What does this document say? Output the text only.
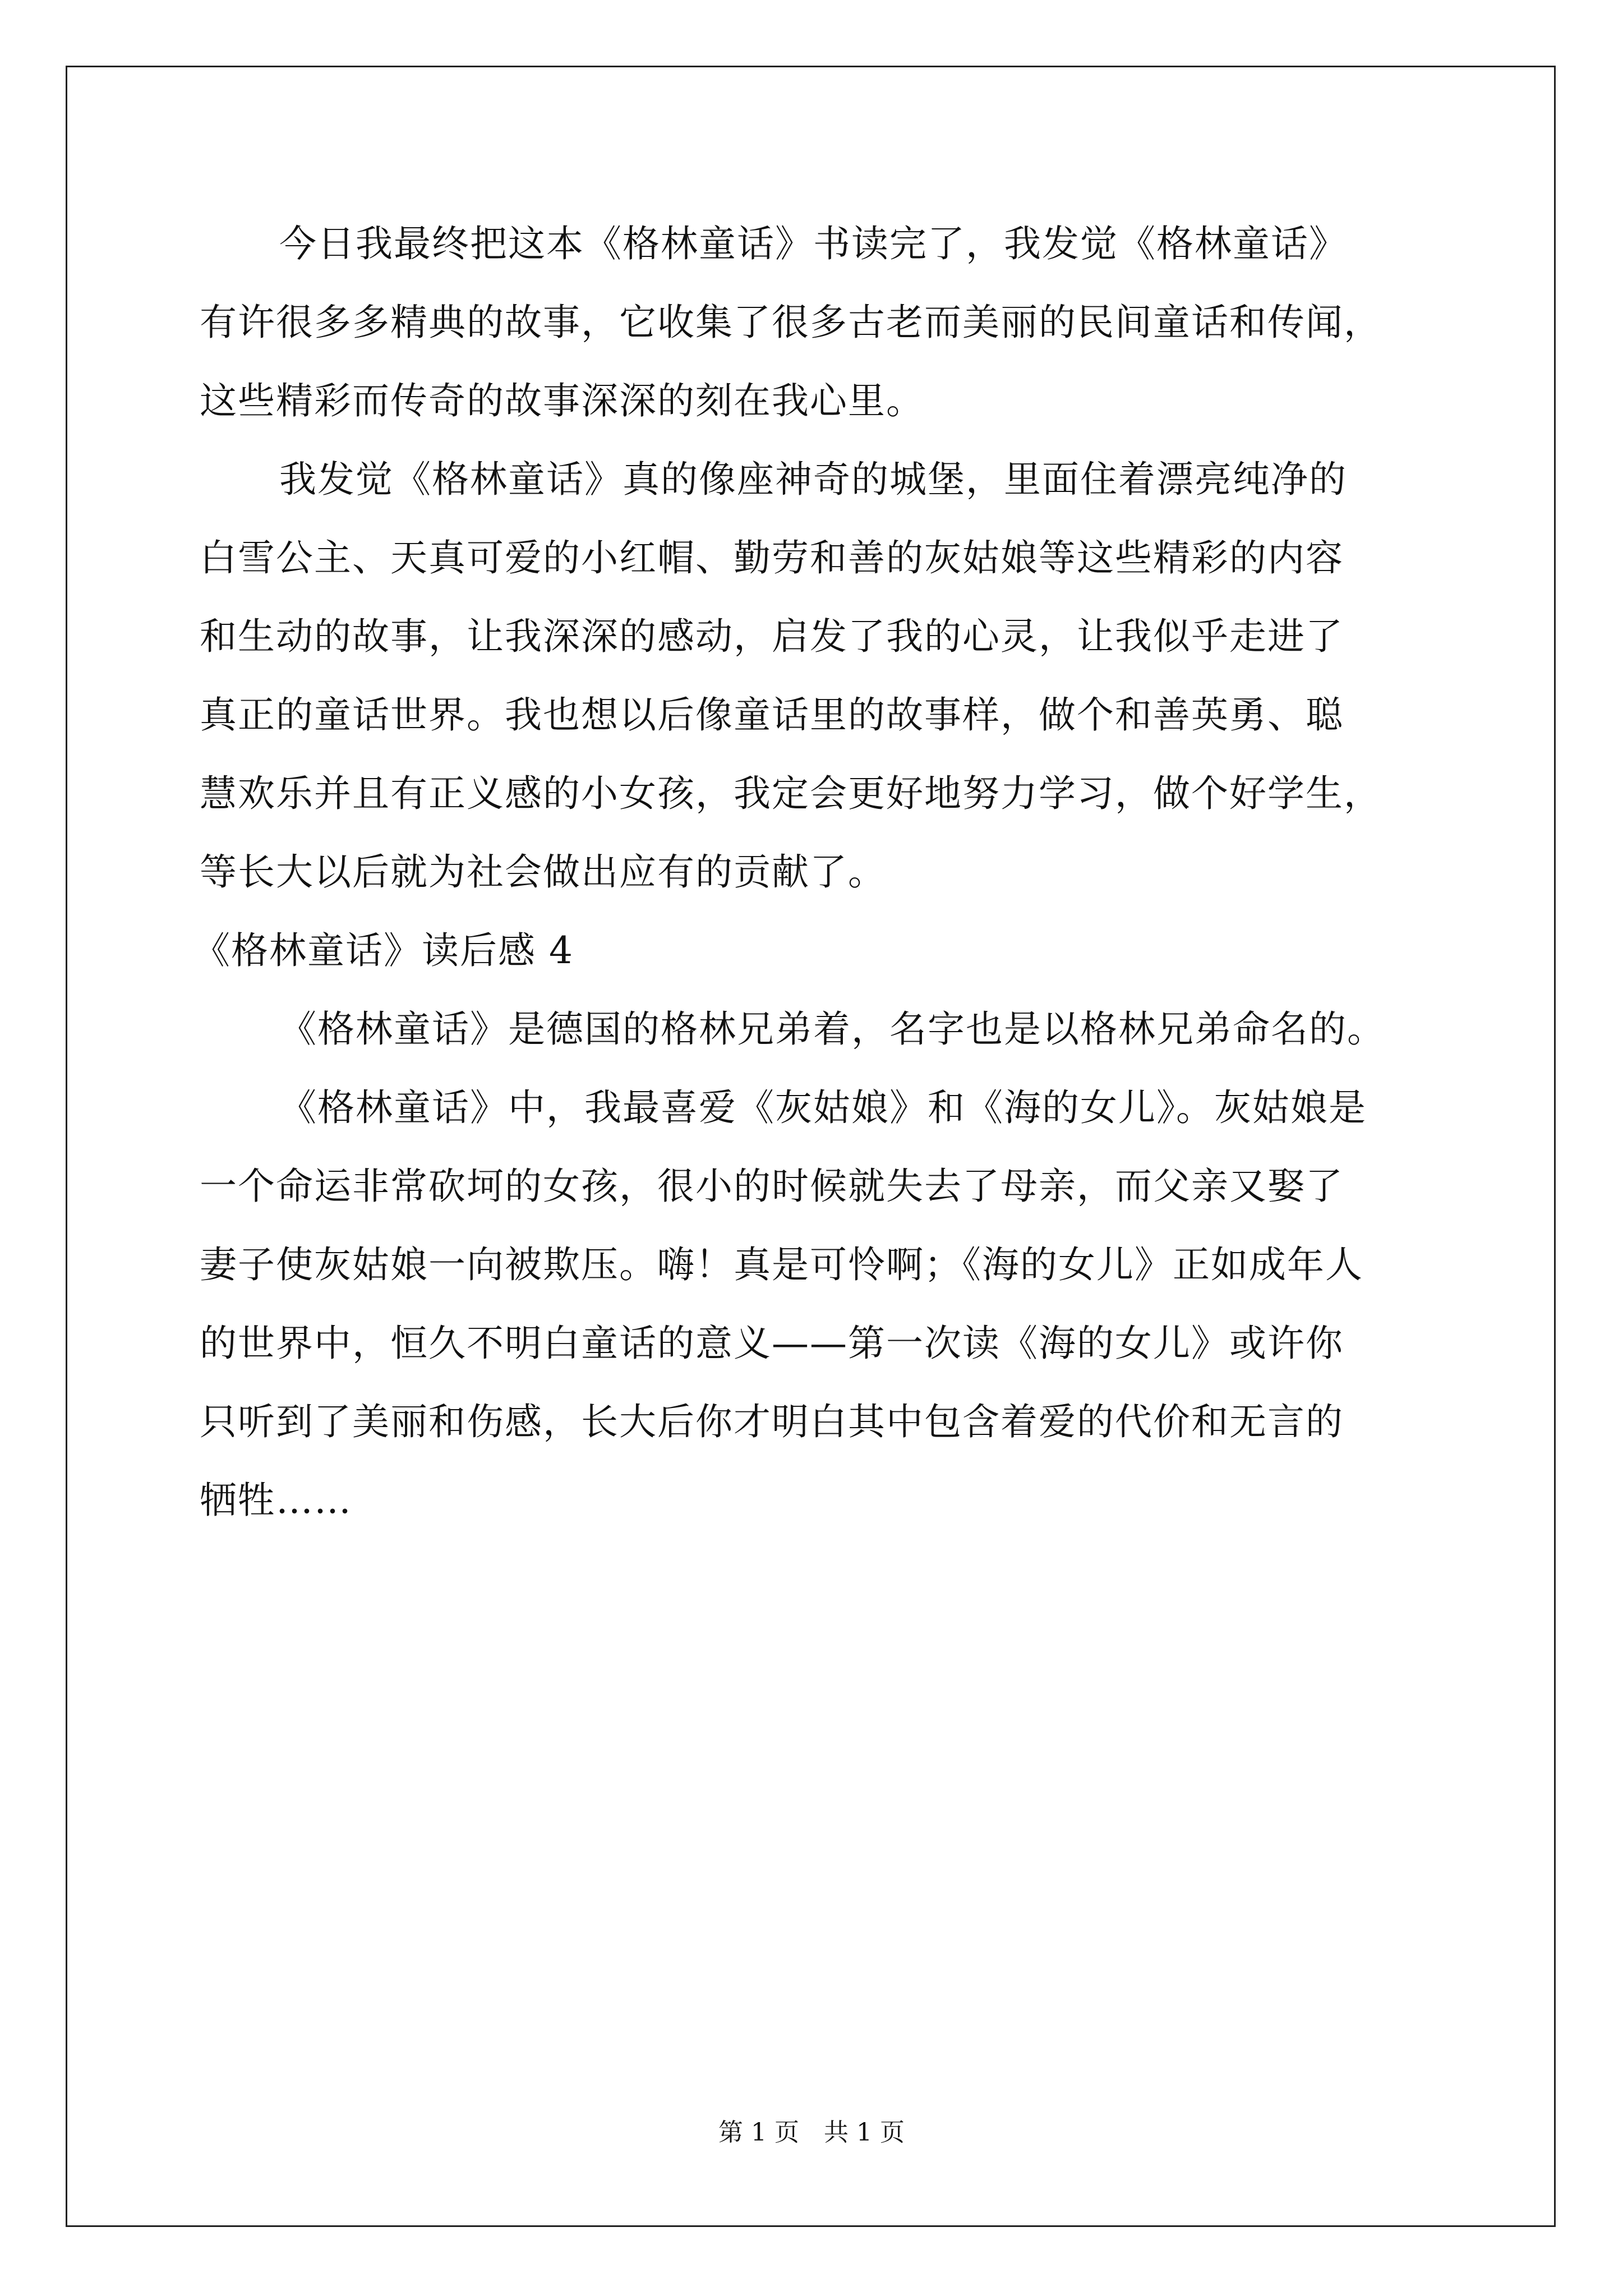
今日我最终把这本《格林童话》书读完了，我发觉《格林童话》
有许很多多精典的故事，它收集了很多古老而美丽的民间童话和传闻，
这些精彩而传奇的故事深深的刻在我心里。
我发觉《格林童话》真的像座神奇的城堡，里面住着漂亮纯净的
白雪公主、天真可爱的小红帽、勤劳和善的灰姑娘等这些精彩的内容
和生动的故事，让我深深的感动，启发了我的心灵，让我似乎走进了
真正的童话世界。我也想以后像童话里的故事样，做个和善英勇、聪
慧欢乐并且有正义感的小女孩，我定会更好地努力学习，做个好学生，
等长大以后就为社会做出应有的贡献了。
《格林童话》读后感 4
《格林童话》是德国的格林兄弟着，名字也是以格林兄弟命名的。
《格林童话》中，我最喜爱《灰姑娘》和《海的女儿》。灰姑娘是
一个命运非常砍坷的女孩，很小的时候就失去了母亲，而父亲又娶了
妻子使灰姑娘一向被欺压。嗨！真是可怜啊；《海的女儿》正如成年人
的世界中，恒久不明白童话的意义——第一次读《海的女儿》或许你
只听到了美丽和伤感，长大后你才明白其中包含着爱的代价和无言的
牺牲……
第 1 页　共 1 页
